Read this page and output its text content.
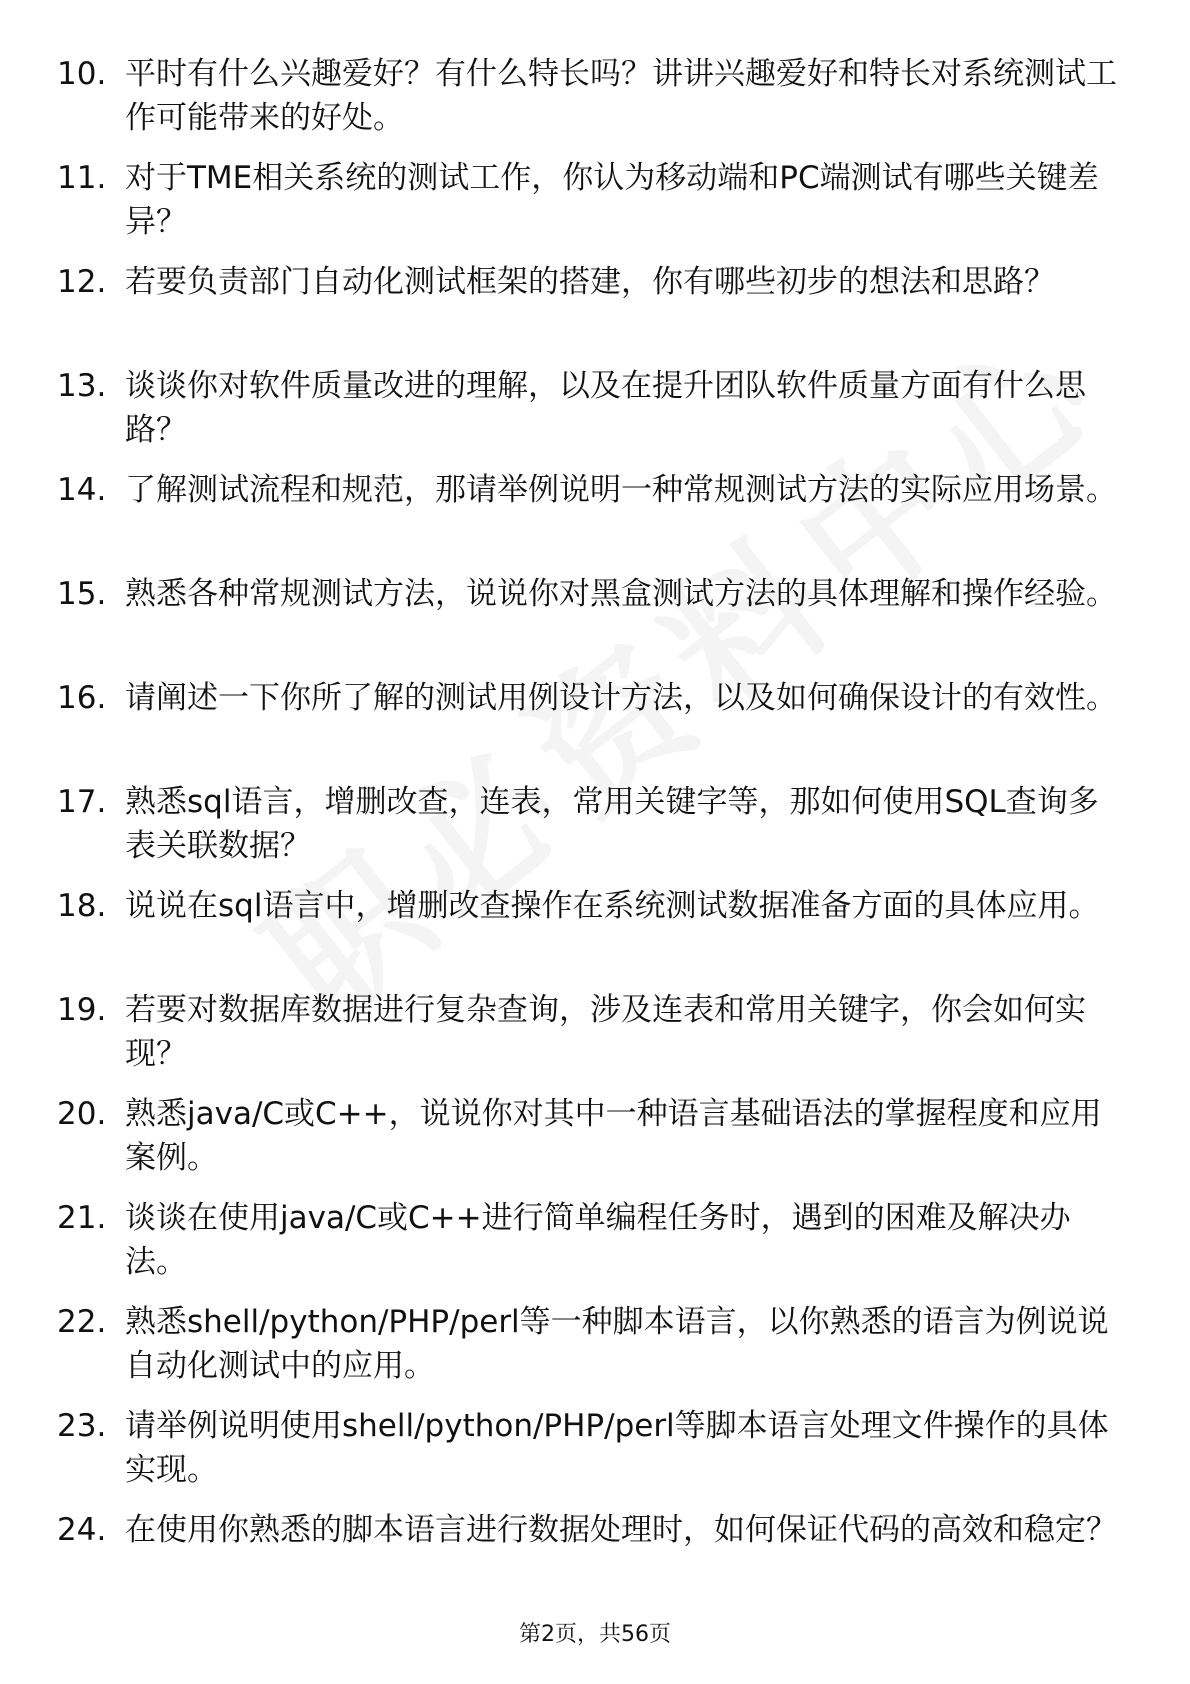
10. 平时有什么兴趣爱好？有什么特长吗？讲讲兴趣爱好和特长对系统测试工作可能带来的好处。
11. 对于TME相关系统的测试工作，你认为移动端和PC端测试有哪些关键差异？
12. 若要负责部门自动化测试框架的搭建，你有哪些初步的想法和思路？
13. 谈谈你对软件质量改进的理解，以及在提升团队软件质量方面有什么思路？
14. 了解测试流程和规范，那请举例说明一种常规测试方法的实际应用场景。
15. 熟悉各种常规测试方法，说说你对黑盒测试方法的具体理解和操作经验。
16. 请阐述一下你所了解的测试用例设计方法，以及如何确保设计的有效性。
17. 熟悉sql语言，增删改查，连表，常用关键字等，那如何使用SQL查询多表关联数据？
18. 说说在sql语言中，增删改查操作在系统测试数据准备方面的具体应用。
19. 若要对数据库数据进行复杂查询，涉及连表和常用关键字，你会如何实现？
20. 熟悉java/C或C++，说说你对其中一种语言基础语法的掌握程度和应用案例。
21. 谈谈在使用java/C或C++进行简单编程任务时，遇到的困难及解决办法。
22. 熟悉shell/python/PHP/perl等一种脚本语言，以你熟悉的语言为例说说自动化测试中的应用。
23. 请举例说明使用shell/python/PHP/perl等脚本语言处理文件操作的具体实现。
24. 在使用你熟悉的脚本语言进行数据处理时，如何保证代码的高效和稳定？
第2页，共56页
